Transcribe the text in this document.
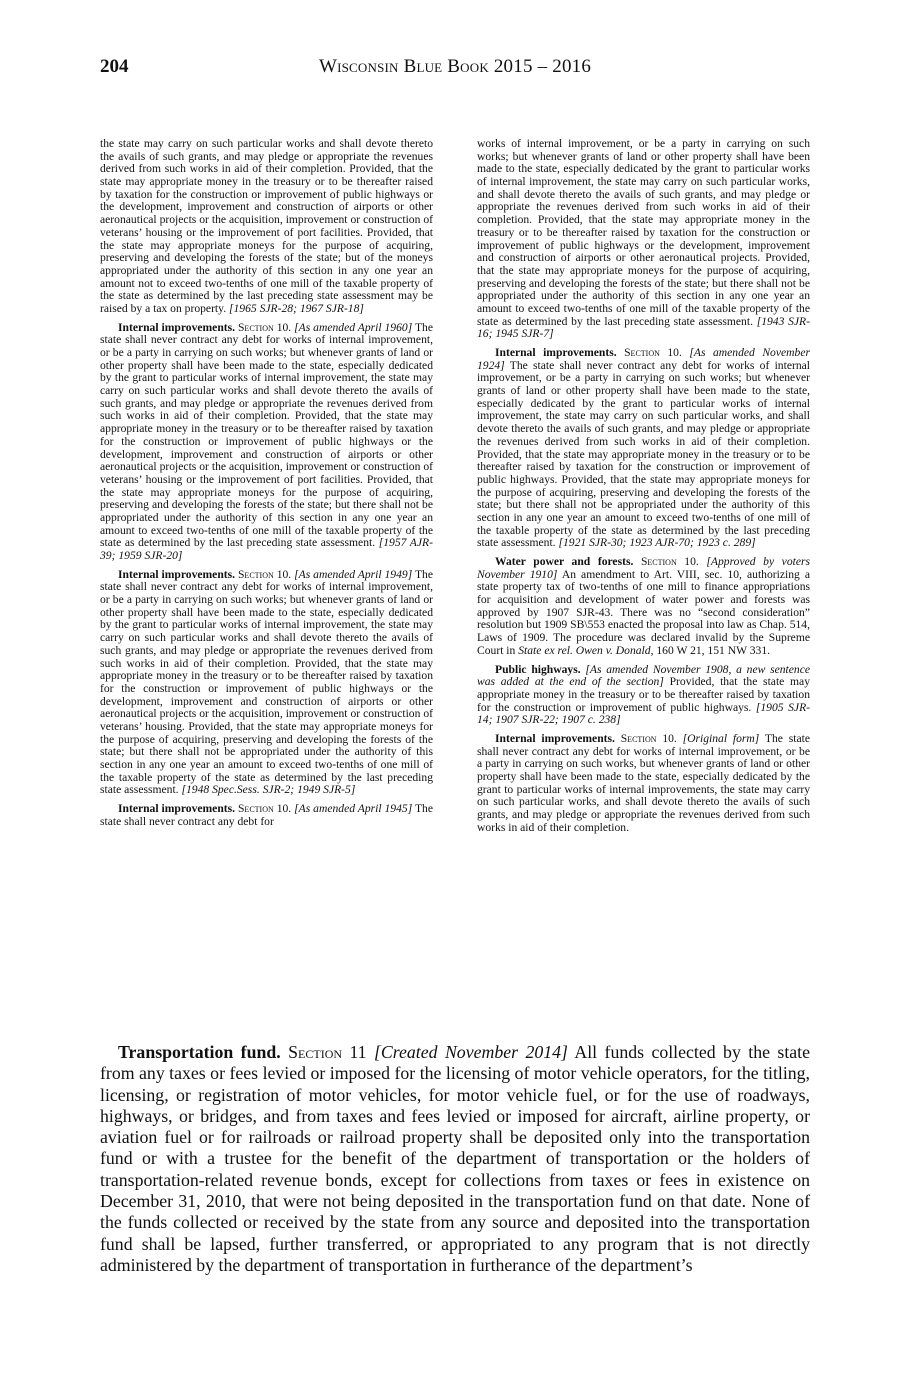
204	Wisconsin Blue Book 2015 – 2016

the state may carry on such particular works and shall devote thereto the avails of such grants, and may pledge or appropriate the revenues derived from such works in aid of their completion. Provided, that the state may appropriate money in the treasury or to be thereafter raised by taxation for the construction or improvement of public highways or the development, improvement and construction of airports or other aeronautical projects or the acquisition, improvement or construction of veterans’ housing or the improvement of port facilities. Provided, that the state may appropriate moneys for the purpose of acquiring, preserving and developing the forests of the state; but of the moneys appropriated under the authority of this section in any one year an amount not to exceed two-tenths of one mill of the taxable property of the state as determined by the last preceding state assessment may be raised by a tax on property. [1965 SJR-28; 1967 SJR-18]

Internal improvements. Section 10. [As amended April 1960] The state shall never contract any debt for works of internal improvement, or be a party in carrying on such works; but whenever grants of land or other property shall have been made to the state, especially dedicated by the grant to particular works of internal improvement, the state may carry on such particular works and shall devote thereto the avails of such grants, and may pledge or appropriate the revenues derived from such works in aid of their completion. Provided, that the state may appropriate money in the treasury or to be thereafter raised by taxation for the construction or improvement of public highways or the development, improvement and construction of airports or other aeronautical projects or the acquisition, improvement or construction of veterans’ housing or the improvement of port facilities. Provided, that the state may appropriate moneys for the purpose of acquiring, preserving and developing the forests of the state; but there shall not be appropriated under the authority of this section in any one year an amount to exceed two-tenths of one mill of the taxable property of the state as determined by the last preceding state assessment. [1957 AJR-39; 1959 SJR-20]

Internal improvements. Section 10. [As amended April 1949] The state shall never contract any debt for works of internal improvement, or be a party in carrying on such works; but whenever grants of land or other property shall have been made to the state, especially dedicated by the grant to particular works of internal improvement, the state may carry on such particular works and shall devote thereto the avails of such grants, and may pledge or appropriate the revenues derived from such works in aid of their completion. Provided, that the state may appropriate money in the treasury or to be thereafter raised by taxation for the construction or improvement of public highways or the development, improvement and construction of airports or other aeronautical projects or the acquisition, improvement or construction of veterans’ housing. Provided, that the state may appropriate moneys for the purpose of acquiring, preserving and developing the forests of the state; but there shall not be appropriated under the authority of this section in any one year an amount to exceed two-tenths of one mill of the taxable property of the state as determined by the last preceding state assessment. [1948 Spec.Sess. SJR-2; 1949 SJR-5]

Internal improvements. Section 10. [As amended April 1945] The state shall never contract any debt for

works of internal improvement, or be a party in carrying on such works; but whenever grants of land or other property shall have been made to the state, especially dedicated by the grant to particular works of internal improvement, the state may carry on such particular works, and shall devote thereto the avails of such grants, and may pledge or appropriate the revenues derived from such works in aid of their completion. Provided, that the state may appropriate money in the treasury or to be thereafter raised by taxation for the construction or improvement of public highways or the development, improvement and construction of airports or other aeronautical projects. Provided, that the state may appropriate moneys for the purpose of acquiring, preserving and developing the forests of the state; but there shall not be appropriated under the authority of this section in any one year an amount to exceed two-tenths of one mill of the taxable property of the state as determined by the last preceding state assessment. [1943 SJR-16; 1945 SJR-7]

Internal improvements. Section 10. [As amended November 1924] The state shall never contract any debt for works of internal improvement, or be a party in carrying on such works; but whenever grants of land or other property shall have been made to the state, especially dedicated by the grant to particular works of internal improvement, the state may carry on such particular works, and shall devote thereto the avails of such grants, and may pledge or appropriate the revenues derived from such works in aid of their completion. Provided, that the state may appropriate money in the treasury or to be thereafter raised by taxation for the construction or improvement of public highways. Provided, that the state may appropriate moneys for the purpose of acquiring, preserving and developing the forests of the state; but there shall not be appropriated under the authority of this section in any one year an amount to exceed two-tenths of one mill of the taxable property of the state as determined by the last preceding state assessment. [1921 SJR-30; 1923 AJR-70; 1923 c. 289]

Water power and forests. Section 10. [Approved by voters November 1910] An amendment to Art. VIII, sec. 10, authorizing a state property tax of two-tenths of one mill to finance appropriations for acquisition and development of water power and forests was approved by 1907 SJR-43. There was no “second consideration” resolution but 1909 SB\553 enacted the proposal into law as Chap. 514, Laws of 1909. The procedure was declared invalid by the Supreme Court in State ex rel. Owen v. Donald, 160 W 21, 151 NW 331.

Public highways. [As amended November 1908, a new sentence was added at the end of the section] Provided, that the state may appropriate money in the treasury or to be thereafter raised by taxation for the construction or improvement of public highways. [1905 SJR-14; 1907 SJR-22; 1907 c. 238]

Internal improvements. Section 10. [Original form] The state shall never contract any debt for works of internal improvement, or be a party in carrying on such works, but whenever grants of land or other property shall have been made to the state, especially dedicated by the grant to particular works of internal improvements, the state may carry on such particular works, and shall devote thereto the avails of such grants, and may pledge or appropriate the revenues derived from such works in aid of their completion.

Transportation fund. Section 11 [Created November 2014] All funds collected by the state from any taxes or fees levied or imposed for the licensing of motor vehicle operators, for the titling, licensing, or registration of motor vehicles, for motor vehicle fuel, or for the use of roadways, highways, or bridges, and from taxes and fees levied or imposed for aircraft, airline property, or aviation fuel or for railroads or railroad property shall be deposited only into the transportation fund or with a trustee for the benefit of the department of transportation or the holders of transportation-related revenue bonds, except for collections from taxes or fees in existence on December 31, 2010, that were not being deposited in the transportation fund on that date. None of the funds collected or received by the state from any source and deposited into the transportation fund shall be lapsed, further transferred, or appropriated to any program that is not directly administered by the department of transportation in furtherance of the department’s
